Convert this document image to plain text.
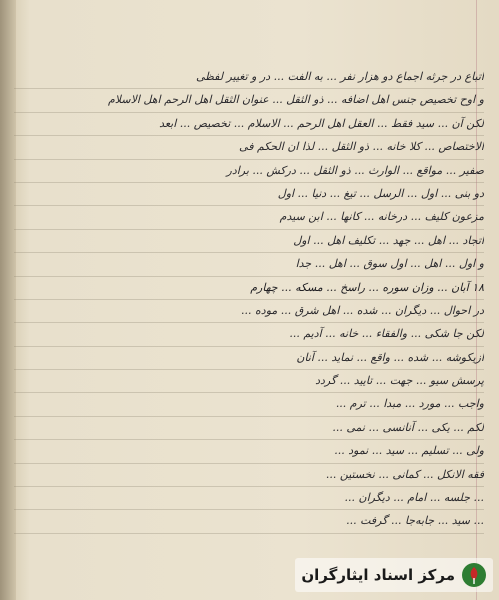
اتباع در جرثه اجماع دو هزار نفر ... به الفت ... در و تغییر لفظی
و اوح تخصیص جنس اهل اضافه ... ذو الثقل ... عنوان الثقل اهل الرحم اهل الاسلام
لکن آن ... سید فقط ... العقل اهل الرحم ... الاسلام ... تخصیص ... ابعد
الاختصاص ... کلا خانه ... ذو الثقل ... لذا ان الحکم فی
صفیر ... مواقع ... الوارث ... ذو الثقل ... درکش ... برادر
دو بنی ... اول ... الرسل ... تیغ ... دنیا ... اول
مزعون کلیف ... درخانه ... کانها ... ابن سیدم
اتجاد ... اهل ... جهد ... تکلیف اهل ... اول
و اول ... اهل ... اول سوق ... اهل ... جدا
۱۸ آبان ... وزان سوره ... راسخ ... مسکه ... چهارم
در احوال ... دیگران ... شده ... اهل شرق ... موده ...
لکن جا شکی ... والفقاء ... خانه ... آدیم ...
ازیکوشه ... شده ... واقع ... نماید ... آنان
پرسش سیو ... جهت ... تایید ... گردد
واجب ... مورد ... مبدا ... ترم ...
لکم ... یکی ... آنانسی ... نمی ...
ولی ... تسلیم ... سید ... نمود ...
فقه الانکل ... کمانی ... نخستین ...
... جلسه ... امام ... دیگران ...
... سید ... جابه‌جا ... گرفت ...
مرکز اسناد ایثارگران
